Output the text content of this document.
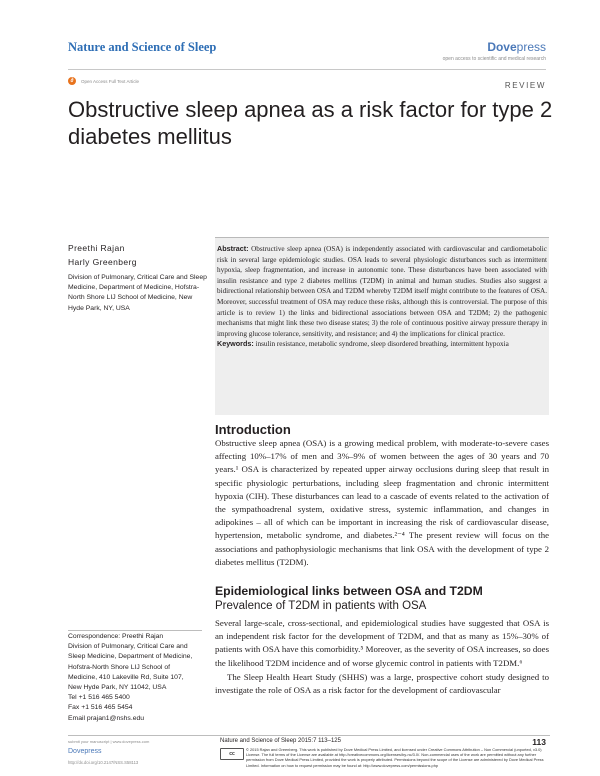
Nature and Science of Sleep	Dovepress
open access to scientific and medical research
∂	Open Access Full Text Article	REVIEW
Obstructive sleep apnea as a risk factor for type 2 diabetes mellitus
Preethi Rajan
Harly Greenberg
Division of Pulmonary, Critical Care and Sleep Medicine, Department of Medicine, Hofstra-North Shore LIJ School of Medicine, New Hyde Park, NY, USA
Abstract: Obstructive sleep apnea (OSA) is independently associated with cardiovascular and cardiometabolic risk in several large epidemiologic studies. OSA leads to several physiologic disturbances such as intermittent hypoxia, sleep fragmentation, and increase in autonomic tone. These disturbances have been associated with insulin resistance and type 2 diabetes mellitus (T2DM) in animal and human studies. Studies also suggest a bidirectional relationship between OSA and T2DM whereby T2DM itself might contribute to the features of OSA. Moreover, successful treatment of OSA may reduce these risks, although this is controversial. The purpose of this article is to review 1) the links and bidirectional associations between OSA and T2DM; 2) the pathogenic mechanisms that might link these two disease states; 3) the role of continuous positive airway pressure therapy in improving glucose tolerance, sensitivity, and resistance; and 4) the implications for clinical practice.
Keywords: insulin resistance, metabolic syndrome, sleep disordered breathing, intermittent hypoxia
Introduction
Obstructive sleep apnea (OSA) is a growing medical problem, with moderate-to-severe cases affecting 10%–17% of men and 3%–9% of women between the ages of 30 years and 70 years.¹ OSA is characterized by repeated upper airway occlusions during sleep that result in specific physiologic perturbations, including sleep fragmentation and chronic intermittent hypoxia (CIH). These disturbances can lead to a cascade of events related to the activation of the sympathoadrenal system, oxidative stress, systemic inflammation, and changes in adipokines – all of which can be important in increasing the risk of cardiovascular disease, hypertension, metabolic syndrome, and diabetes.²⁻⁴ The present review will focus on the associations and pathophysiologic mechanisms that link OSA with the development of type 2 diabetes mellitus (T2DM).
Epidemiological links between OSA and T2DM
Prevalence of T2DM in patients with OSA
Several large-scale, cross-sectional, and epidemiological studies have suggested that OSA is an independent risk factor for the development of T2DM, and that as many as 15%–30% of patients with OSA have this comorbidity.⁵ Moreover, as the severity of OSA increases, so does the likelihood T2DM incidence and of worse glycemic control in patients with T2DM.⁶
The Sleep Health Heart Study (SHHS) was a large, prospective cohort study designed to investigate the role of OSA as a risk factor for the development of cardiovascular
Correspondence: Preethi Rajan
Division of Pulmonary, Critical Care and
Sleep Medicine, Department of Medicine,
Hofstra-North Shore LIJ School of
Medicine, 410 Lakeville Rd, Suite 107,
New Hyde Park, NY 11042, USA
Tel +1 516 465 5400
Fax +1 516 465 5454
Email prajan1@nshs.edu
submit your manuscript | www.dovepress.com
Dovepress
http://dx.doi.org/10.2147/NSS.S58113
Nature and Science of Sleep 2015:7 113–125	113
cc
© 2015 Rajan and Greenberg. This work is published by Dove Medical Press Limited, and licensed under Creative Commons Attribution – Non Commercial (unported, v3.0) License. The full terms of the License are available at http://creativecommons.org/licenses/by-nc/3.0/. Non-commercial uses of the work are permitted without any further permission from Dove Medical Press Limited, provided the work is properly attributed. Permissions beyond the scope of the License are administered by Dove Medical Press Limited. Information on how to request permission may be found at: http://www.dovepress.com/permissions.php
